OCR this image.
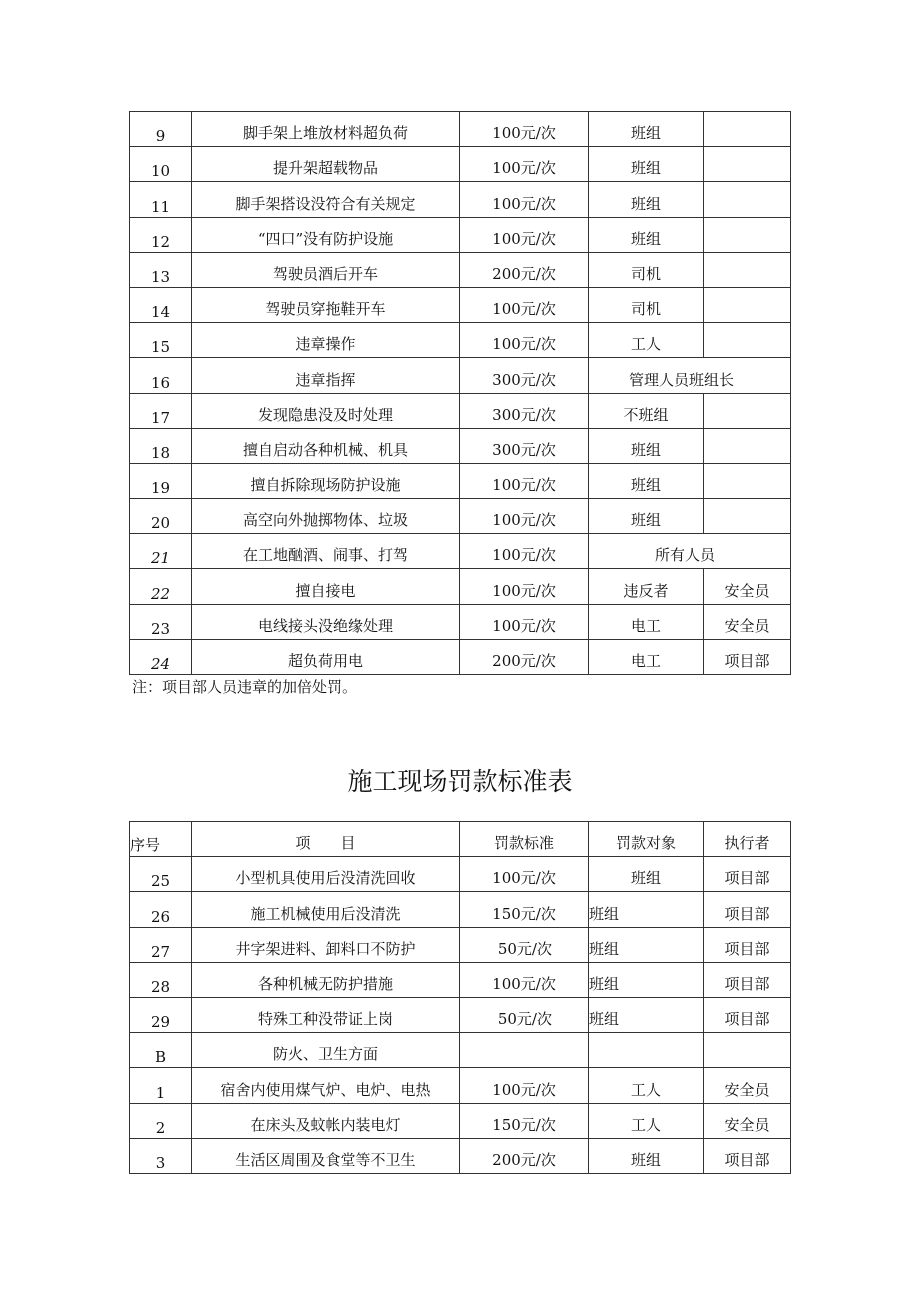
9	脚手架上堆放材料超负荷	100元/次	班组	
10	提升架超载物品	100元/次	班组	
11	脚手架搭设没符合有关规定	100元/次	班组	
12	“四口”没有防护设施	100元/次	班组	
13	驾驶员酒后开车	200元/次	司机	
14	驾驶员穿拖鞋开车	100元/次	司机	
15	违章操作	100元/次	工人	
16	违章指挥	300元/次	管理人员班组长	
17	发现隐患没及时处理	300元/次	不班组	
18	擅自启动各种机械、机具	300元/次	班组	
19	擅自拆除现场防护设施	100元/次	班组	
20	高空向外抛掷物体、垃圾	100元/次	班组	
21	在工地酗酒、闹事、打驾	100元/次	所有人员	
22	擅自接电	100元/次	违反者	安全员
23	电线接头没绝缘处理	100元/次	电工	安全员
24	超负荷用电	200元/次	电工	项目部
注：项目部人员违章的加倍处罚。
施工现场罚款标准表
序号	项　　目	罚款标准	罚款对象	执行者
25	小型机具使用后没清洗回收	100元/次	班组	项目部
26	施工机械使用后没清洗	150元/次	班组	项目部
27	井字架进料、卸料口不防护	50元/次	班组	项目部
28	各种机械无防护措施	100元/次	班组	项目部
29	特殊工种没带证上岗	50元/次	班组	项目部
B	防火、卫生方面			
1	宿舍内使用煤气炉、电炉、电热	100元/次	工人	安全员
2	在床头及蚊帐内装电灯	150元/次	工人	安全员
3	生活区周围及食堂等不卫生	200元/次	班组	项目部
